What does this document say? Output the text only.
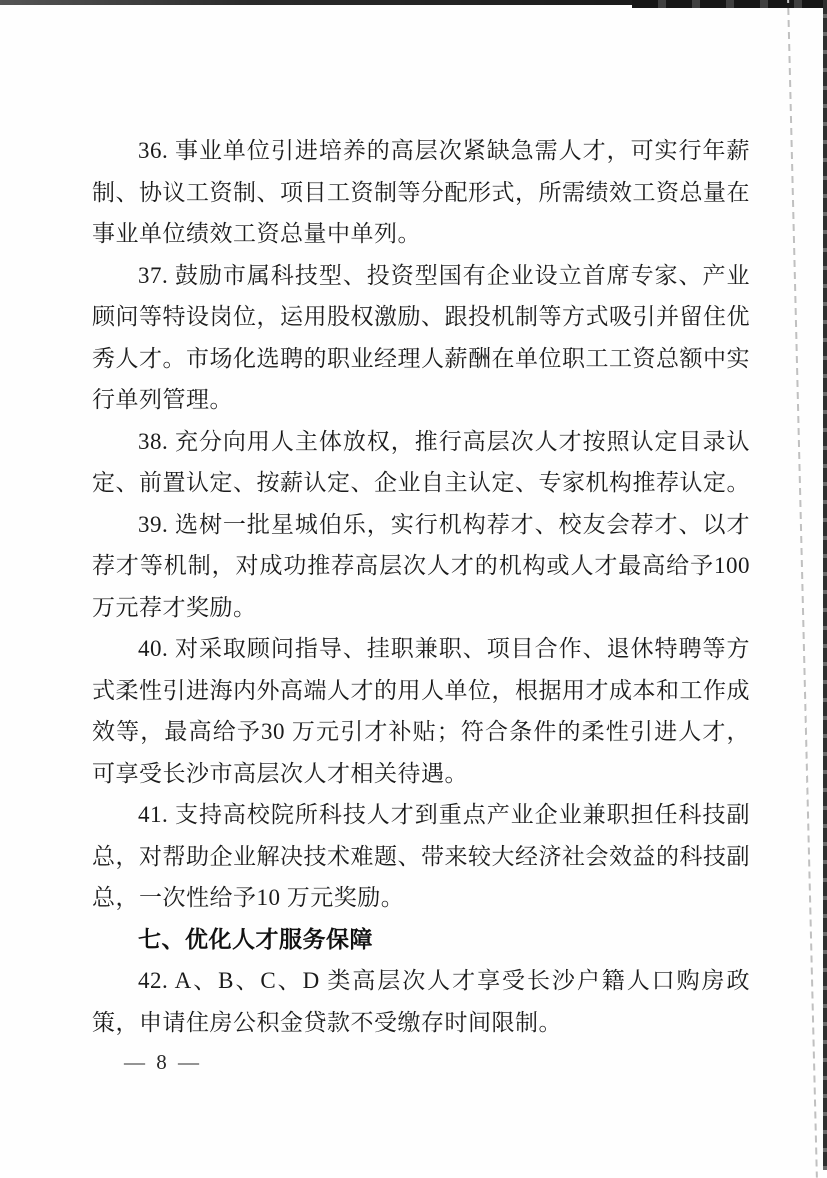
36. 事业单位引进培养的高层次紧缺急需人才，可实行年薪制、协议工资制、项目工资制等分配形式，所需绩效工资总量在事业单位绩效工资总量中单列。

37. 鼓励市属科技型、投资型国有企业设立首席专家、产业顾问等特设岗位，运用股权激励、跟投机制等方式吸引并留住优秀人才。市场化选聘的职业经理人薪酬在单位职工工资总额中实行单列管理。

38. 充分向用人主体放权，推行高层次人才按照认定目录认定、前置认定、按薪认定、企业自主认定、专家机构推荐认定。

39. 选树一批星城伯乐，实行机构荐才、校友会荐才、以才荐才等机制，对成功推荐高层次人才的机构或人才最高给予100 万元荐才奖励。

40. 对采取顾问指导、挂职兼职、项目合作、退休特聘等方式柔性引进海内外高端人才的用人单位，根据用才成本和工作成效等，最高给予30 万元引才补贴；符合条件的柔性引进人才，可享受长沙市高层次人才相关待遇。

41. 支持高校院所科技人才到重点产业企业兼职担任科技副总，对帮助企业解决技术难题、带来较大经济社会效益的科技副总，一次性给予10 万元奖励。

七、优化人才服务保障

42. A、B、C、D 类高层次人才享受长沙户籍人口购房政策，申请住房公积金贷款不受缴存时间限制。

— 8 —
